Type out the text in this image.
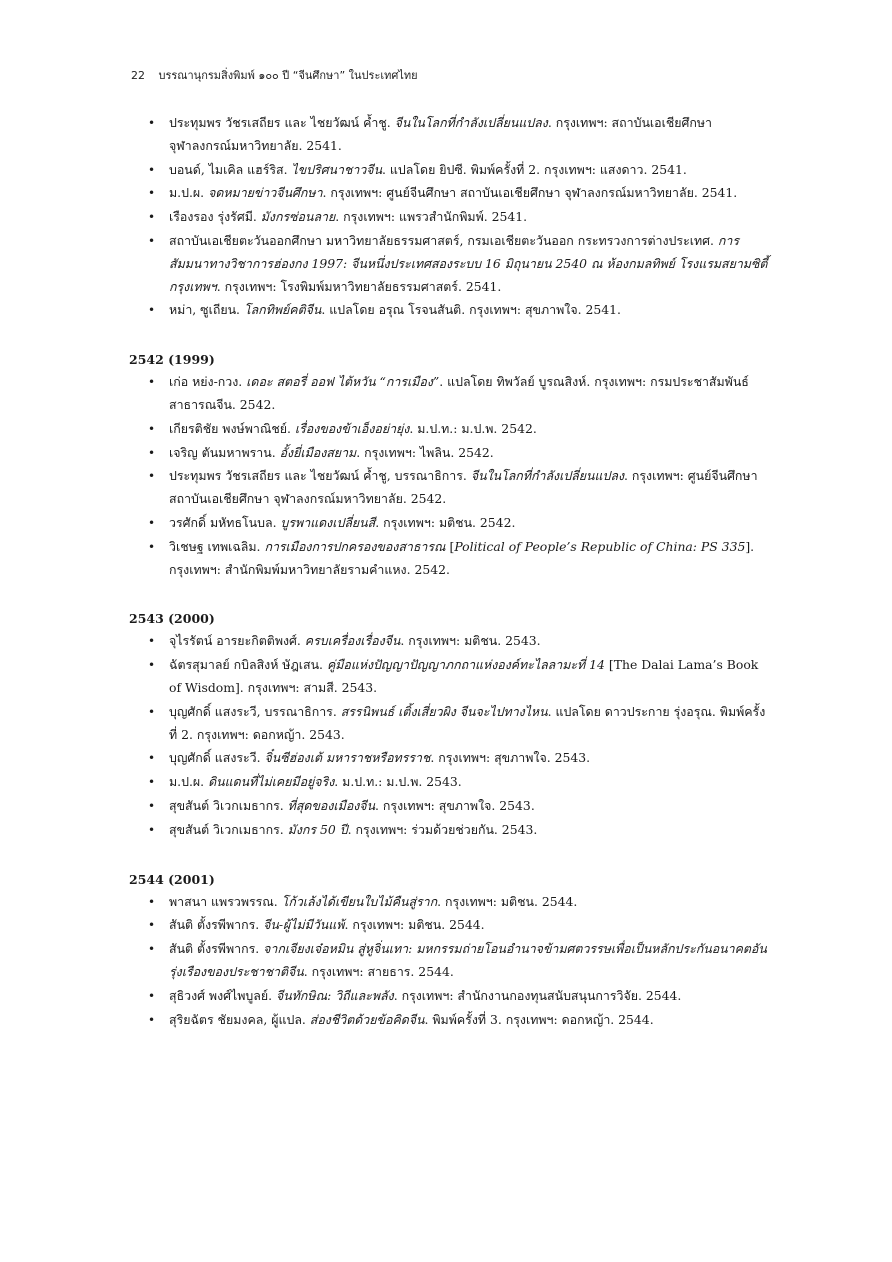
22 บรรณานุกรมสิ่งพิมพ์ ๑๐๐ ปี “จีนศึกษา” ในประเทศไทย
• ประทุมพร วัชรเสถียร และ ไชยวัฒน์ ค้ำชู. จีนในโลกที่กำลังเปลี่ยนแปลง. กรุงเทพฯ: สถาบันเอเชียศึกษา จุฬาลงกรณ์มหาวิทยาลัย. 2541.
• บอนด์, ไมเคิล แฮร์ริส. ไขปริศนาชาวจีน. แปลโดย ยิปซี. พิมพ์ครั้งที่ 2. กรุงเทพฯ: แสงดาว. 2541.
• ม.ป.ผ. จดหมายข่าวจีนศึกษา. กรุงเทพฯ: ศูนย์จีนศึกษา สถาบันเอเชียศึกษา จุฬาลงกรณ์มหาวิทยาลัย. 2541.
• เรืองรอง รุ่งรัศมี. มังกรซ่อนลาย. กรุงเทพฯ: แพรวสำนักพิมพ์. 2541.
• สถาบันเอเชียตะวันออกศึกษา มหาวิทยาลัยธรรมศาสตร์, กรมเอเชียตะวันออก กระทรวงการต่างประเทศ. การสัมมนาทางวิชาการฮ่องกง 1997: จีนหนึ่งประเทศสองระบบ 16 มิถุนายน 2540 ณ ห้องกมลทิพย์ โรงแรมสยามซิตี้ กรุงเทพฯ. กรุงเทพฯ: โรงพิมพ์มหาวิทยาลัยธรรมศาสตร์. 2541.
• หม่า, ซูเถียน. โลกทิพย์คติจีน. แปลโดย อรุณ โรจนสันติ. กรุงเทพฯ: สุขภาพใจ. 2541.
2542 (1999)
• เก่อ หย่ง-กวง. เดอะ สตอรี่ ออฟ ไต้หวัน “การเมือง”. แปลโดย ทิพวัลย์ บูรณสิงห์. กรุงเทพฯ: กรมประชาสัมพันธ์สาธารณจีน. 2542.
• เกียรติชัย พงษ์พาณิชย์. เรื่องของข้าเอ็งอย่ายุ่ง. ม.ป.ท.: ม.ป.พ. 2542.
• เจริญ ตันมหาพราน. อั้งยี่เมืองสยาม. กรุงเทพฯ: ไพลิน. 2542.
• ประทุมพร วัชรเสถียร และ ไชยวัฒน์ ค้ำชู, บรรณาธิการ. จีนในโลกที่กำลังเปลี่ยนแปลง. กรุงเทพฯ: ศูนย์จีนศึกษา สถาบันเอเชียศึกษา จุฬาลงกรณ์มหาวิทยาลัย. 2542.
• วรศักดิ์ มหัทธโนบล. บูรพาแดงเปลี่ยนสี. กรุงเทพฯ: มติชน. 2542.
• วิเชษฐ เทพเฉลิม. การเมืองการปกครองของสาธารณ [Political of People’s Republic of China: PS 335]. กรุงเทพฯ: สำนักพิมพ์มหาวิทยาลัยรามคำแหง. 2542.
2543 (2000)
• จุไรรัตน์ อารยะกิตติพงศ์. ครบเครื่องเรื่องจีน. กรุงเทพฯ: มติชน. 2543.
• ฉัตรสุมาลย์ กบิลสิงห์ ษัฎเสน. คู่มือแห่งปัญญาปัญญาภกถาแห่งองค์ทะไลลามะที่ 14 [The Dalai Lama’s Book of Wisdom]. กรุงเทพฯ: สามสี. 2543.
• บุญศักดิ์ แสงระวี, บรรณาธิการ. สรรนิพนธ์ เติ้งเสี่ยวผิง จีนจะไปทางไหน. แปลโดย ดาวประกาย รุ่งอรุณ. พิมพ์ครั้งที่ 2. กรุงเทพฯ: ดอกหญ้า. 2543.
• บุญศักดิ์ แสงระวี. จิ๋นซีฮ่องเต้ มหาราชหรือทรราช. กรุงเทพฯ: สุขภาพใจ. 2543.
• ม.ป.ผ. ดินแดนที่ไม่เคยมีอยู่จริง. ม.ป.ท.: ม.ป.พ. 2543.
• สุขสันต์ วิเวกเมธากร. ที่สุดของเมืองจีน. กรุงเทพฯ: สุขภาพใจ. 2543.
• สุขสันต์ วิเวกเมธากร. มังกร 50 ปี. กรุงเทพฯ: ร่วมด้วยช่วยกัน. 2543.
2544 (2001)
• พาสนา แพรวพรรณ. โก้วเล้งได้เขียนใบไม้คืนสู่ราก. กรุงเทพฯ: มติชน. 2544.
• สันติ ตั้งรพีพากร. จีน-ผู้ไม่มีวันแพ้. กรุงเทพฯ: มติชน. 2544.
• สันติ ตั้งรพีพากร. จากเจียงเจ๋อหมิน สู่หูจิ่นเทา: มหกรรมถ่ายโอนอำนาจข้ามศตวรรษเพื่อเป็นหลักประกันอนาคตอันรุ่งเรืองของประชาชาติจีน. กรุงเทพฯ: สายธาร. 2544.
• สุธิวงศ์ พงศ์ไพบูลย์. จีนทักษิณ: วิถีและพลัง. กรุงเทพฯ: สำนักงานกองทุนสนับสนุนการวิจัย. 2544.
• สุริยฉัตร ชัยมงคล, ผู้แปล. ส่องชีวิตด้วยข้อคิดจีน. พิมพ์ครั้งที่ 3. กรุงเทพฯ: ดอกหญ้า. 2544.
